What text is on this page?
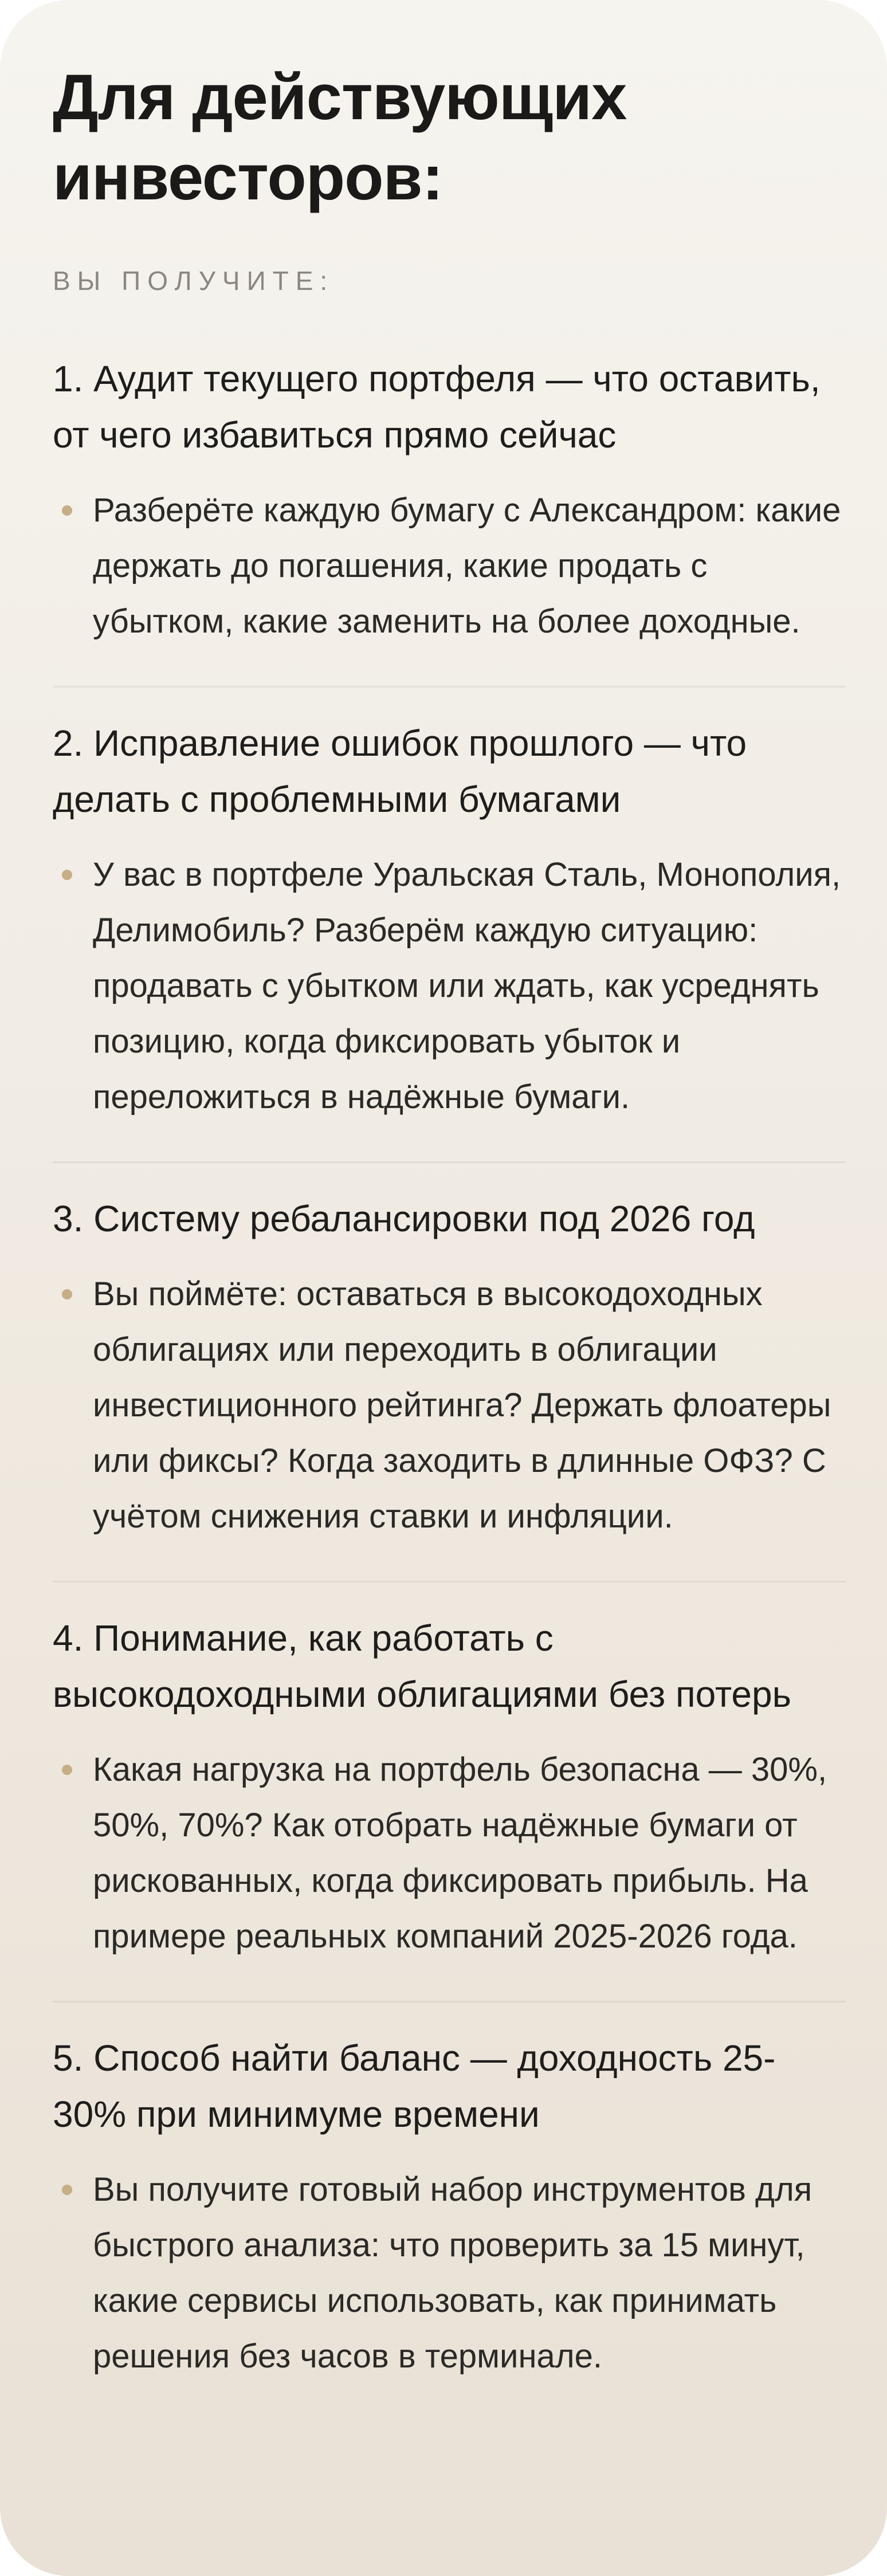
Для действующих инвесторов:
ВЫ ПОЛУЧИТЕ:
1. Аудит текущего портфеля — что оставить, от чего избавиться прямо сейчас
Разберёте каждую бумагу с Александром: какие держать до погашения, какие продать с убытком, какие заменить на более доходные.
2. Исправление ошибок прошлого — что делать с проблемными бумагами
У вас в портфеле Уральская Сталь, Монополия, Делимобиль? Разберём каждую ситуацию: продавать с убытком или ждать, как усреднять позицию, когда фиксировать убыток и переложиться в надёжные бумаги.
3. Систему ребалансировки под 2026 год
Вы поймёте: оставаться в высокодоходных облигациях или переходить в облигации инвестиционного рейтинга? Держать флоатеры или фиксы? Когда заходить в длинные ОФЗ? С учётом снижения ставки и инфляции.
4. Понимание, как работать с высокодоходными облигациями без потерь
Какая нагрузка на портфель безопасна — 30%, 50%, 70%? Как отобрать надёжные бумаги от рискованных, когда фиксировать прибыль. На примере реальных компаний 2025-2026 года.
5. Способ найти баланс — доходность 25-30% при минимуме времени
Вы получите готовый набор инструментов для быстрого анализа: что проверить за 15 минут, какие сервисы использовать, как принимать решения без часов в терминале.
